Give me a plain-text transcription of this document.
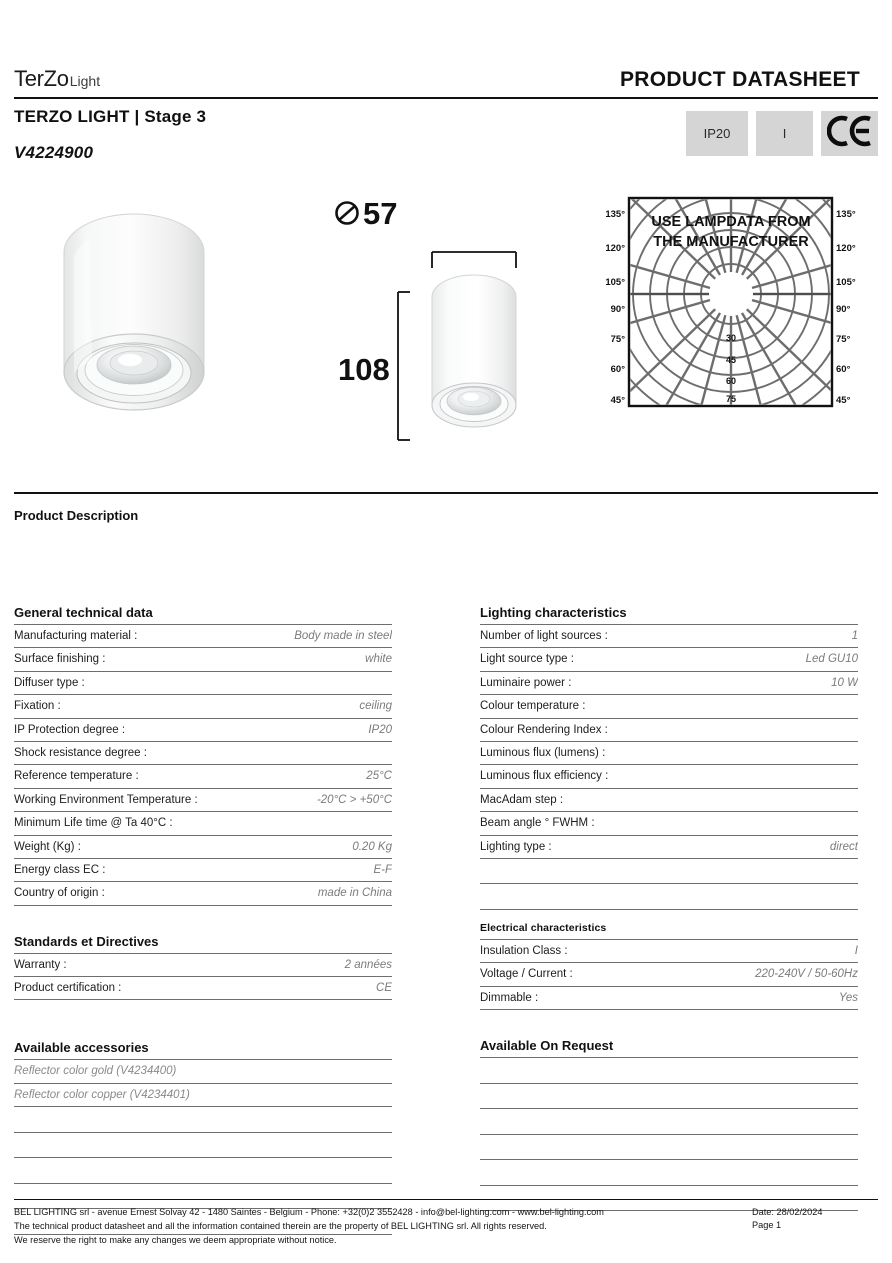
TerZoLight	PRODUCT DATASHEET
TERZO LIGHT | Stage 3
V4224900
IP20	I
57
108
135°
120°
105°
90°
75°
60°
45°
135°
120°
105°
90°
75°
60°
45°
30
45
60
75
USE LAMPDATA FROM
THE MANUFACTURER
Product Description
General technical data
Manufacturing material :	Body made in steel
Surface finishing :	white
Diffuser type :
Fixation :	ceiling
IP Protection degree :	IP20
Shock resistance degree :
Reference temperature :	25°C
Working Environment Temperature :	-20°C > +50°C
Minimum Life time @ Ta 40°C :
Weight (Kg) :	0.20 Kg
Energy class EC :	E-F
Country of origin :	made in China
Standards et Directives
Warranty :	2 années
Product certification :	CE
Available accessories
Reflector color gold (V4234400)
Reflector color copper (V4234401)
Lighting characteristics
Number of light sources :	1
Light source type :	Led GU10
Luminaire power :	10 W
Colour temperature :
Colour Rendering Index :
Luminous flux (lumens) :
Luminous flux efficiency :
MacAdam step :
Beam angle ° FWHM :
Lighting type :	direct
Electrical characteristics
Insulation Class :	I
Voltage / Current :	220-240V / 50-60Hz
Dimmable :	Yes
Available On Request
BEL LIGHTING srl - avenue Ernest Solvay 42 - 1480 Saintes - Belgium - Phone: +32(0)2 3552428 - info@bel-lighting.com - www.bel-lighting.com
The technical product datasheet and all the information contained therein are the property of BEL LIGHTING srl. All rights reserved.
We reserve the right to make any changes we deem appropriate without notice.
Date: 28/02/2024
Page 1
